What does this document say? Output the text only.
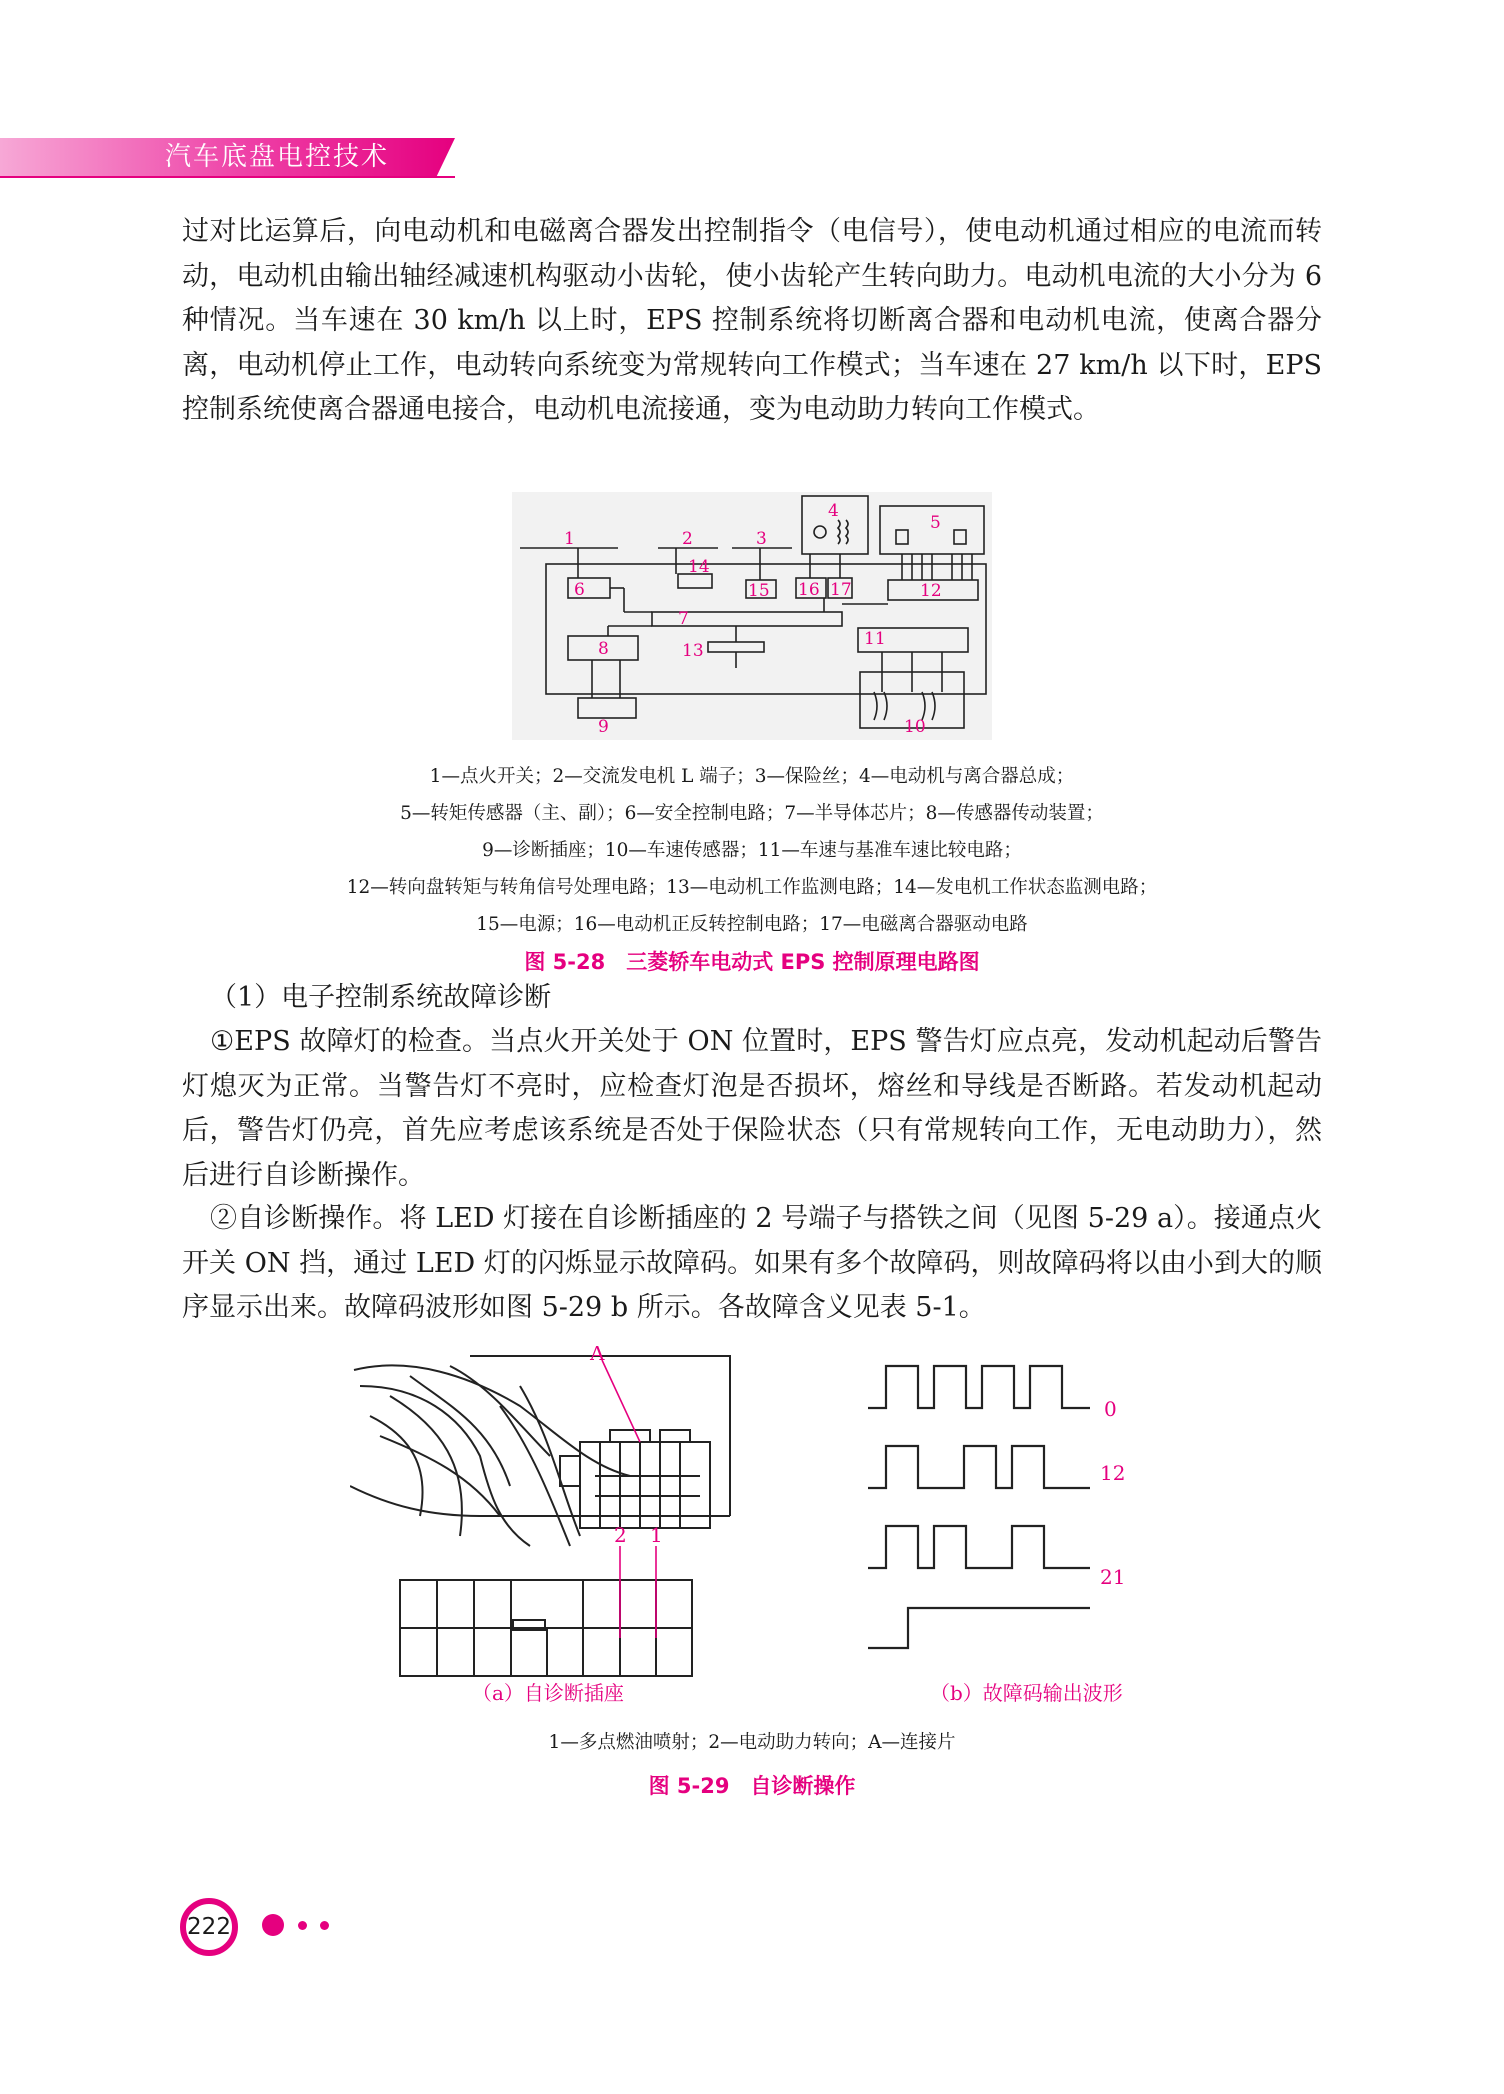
汽车底盘电控技术

过对比运算后，向电动机和电磁离合器发出控制指令（电信号），使电动机通过相应的电流而转动，电动机由输出轴经减速机构驱动小齿轮，使小齿轮产生转向助力。电动机电流的大小分为 6 种情况。当车速在 30 km/h 以上时，EPS 控制系统将切断离合器和电动机电流，使离合器分离，电动机停止工作，电动转向系统变为常规转向工作模式；当车速在 27 km/h 以下时，EPS 控制系统使离合器通电接合，电动机电流接通，变为电动助力转向工作模式。

1	2	3
4
5
6
7
8
9	10
11
12
13
14
15 16 17
1—点火开关；2—交流发电机 L 端子；3—保险丝；4—电动机与离合器总成；
5—转矩传感器（主、副）；6—安全控制电路；7—半导体芯片；8—传感器传动装置；
9—诊断插座；10—车速传感器；11—车速与基准车速比较电路；
12—转向盘转矩与转角信号处理电路；13—电动机工作监测电路；14—发电机工作状态监测电路；
15—电源；16—电动机正反转控制电路；17—电磁离合器驱动电路
图 5-28　三菱轿车电动式 EPS 控制原理电路图

（1）电子控制系统故障诊断

①EPS 故障灯的检查。当点火开关处于 ON 位置时，EPS 警告灯应点亮，发动机起动后警告灯熄灭为正常。当警告灯不亮时，应检查灯泡是否损坏，熔丝和导线是否断路。若发动机起动后，警告灯仍亮，首先应考虑该系统是否处于保险状态（只有常规转向工作，无电动助力），然后进行自诊断操作。

②自诊断操作。将 LED 灯接在自诊断插座的 2 号端子与搭铁之间（见图 5-29 a）。接通点火开关 ON 挡，通过 LED 灯的闪烁显示故障码。如果有多个故障码，则故障码将以由小到大的顺序显示出来。故障码波形如图 5-29 b 所示。各故障含义见表 5-1。

A
2 1
（a）自诊断插座	（b）故障码输出波形
0
12
21
1—多点燃油喷射；2—电动助力转向；A—连接片
图 5-29　自诊断操作
222
